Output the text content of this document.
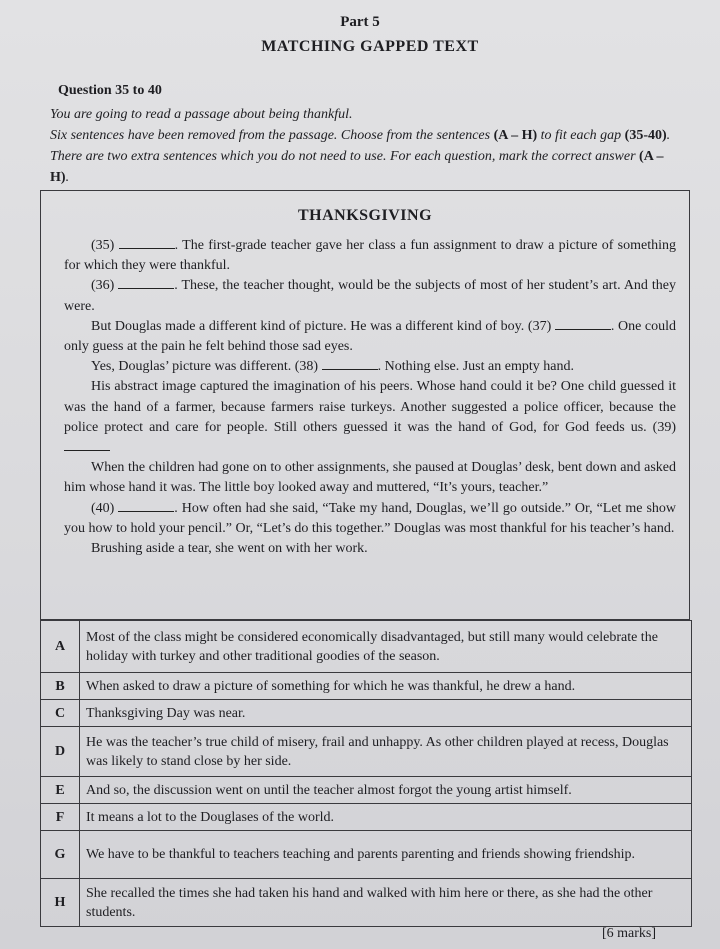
Part 5
MATCHING GAPPED TEXT
Question 35 to 40

You are going to read a passage about being thankful.

Six sentences have been removed from the passage. Choose from the sentences (A – H) to fit each gap (35-40). There are two extra sentences which you do not need to use. For each question, mark the correct answer (A – H).

THANKSGIVING

(35)	. The first-grade teacher gave her class a fun assignment to draw a picture of something for which they were thankful.

(36)	. These, the teacher thought, would be the subjects of most of her student’s art. And they were.

But Douglas made a different kind of picture. He was a different kind of boy. (37)	. One could only guess at the pain he felt behind those sad eyes.

Yes, Douglas’ picture was different. (38)	. Nothing else. Just an empty hand.

His abstract image captured the imagination of his peers. Whose hand could it be? One child guessed it was the hand of a farmer, because farmers raise turkeys. Another suggested a police officer, because the police protect and care for people. Still others guessed it was the hand of God, for God feeds us. (39)

When the children had gone on to other assignments, she paused at Douglas’ desk, bent down and asked him whose hand it was. The little boy looked away and muttered, “It’s yours, teacher.”

(40)	. How often had she said, “Take my hand, Douglas, we’ll go outside.” Or, “Let me show you how to hold your pencil.” Or, “Let’s do this together.” Douglas was most thankful for his teacher’s hand.

Brushing aside a tear, she went on with her work.

A	Most of the class might be considered economically disadvantaged, but still many would celebrate the holiday with turkey and other traditional goodies of the season.
B	When asked to draw a picture of something for which he was thankful, he drew a hand.
C	Thanksgiving Day was near.
D	He was the teacher’s true child of misery, frail and unhappy. As other children played at recess, Douglas was likely to stand close by her side.
E	And so, the discussion went on until the teacher almost forgot the young artist himself.
F	It means a lot to the Douglases of the world.
G	We have to be thankful to teachers teaching and parents parenting and friends showing friendship.
H	She recalled the times she had taken his hand and walked with him here or there, as she had the other students.
[6 marks]
